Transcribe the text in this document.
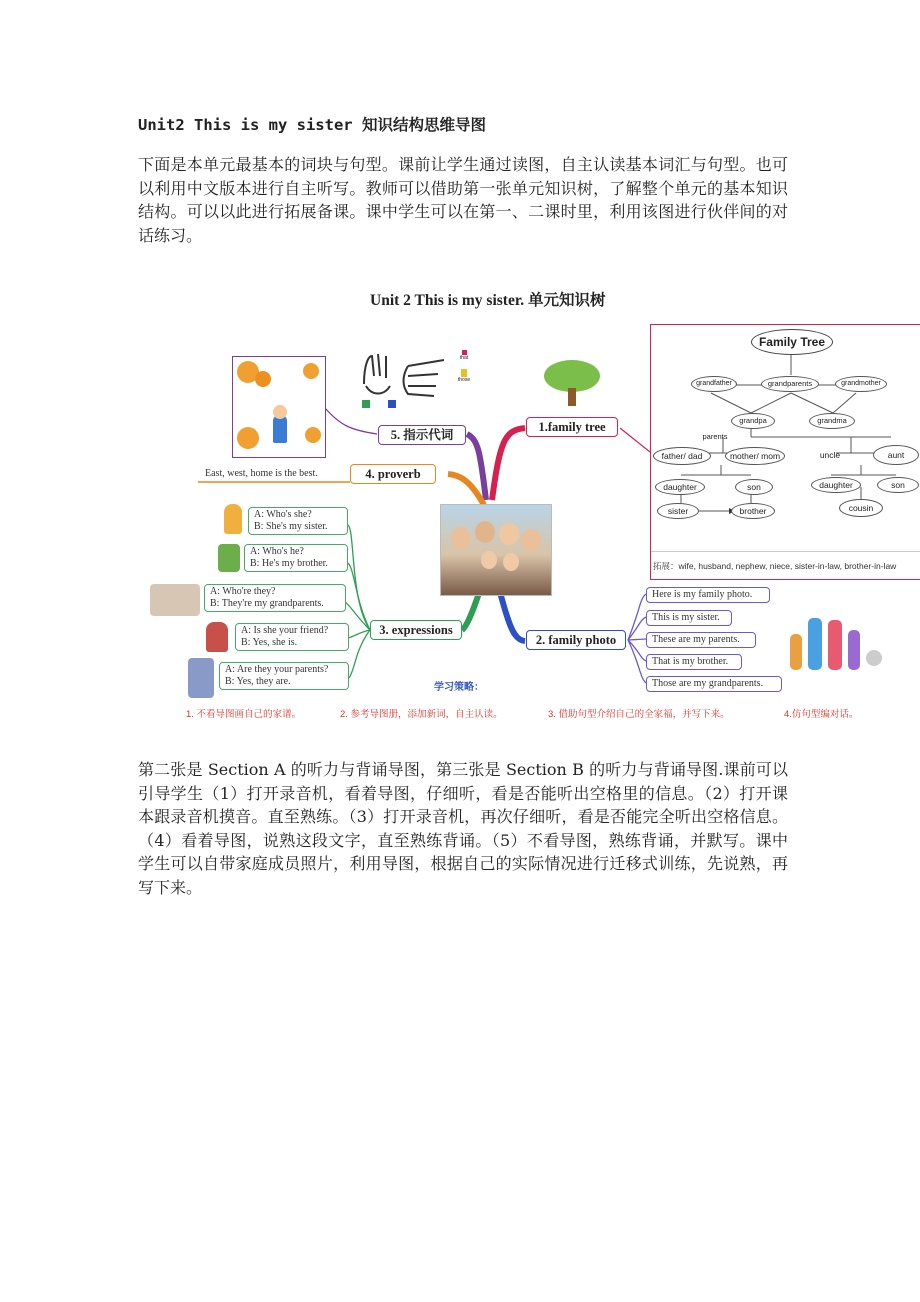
Unit2 This is my sister 知识结构思维导图
下面是本单元最基本的词块与句型。课前让学生通过读图，自主认读基本词汇与句型。也可以利用中文版本进行自主听写。教师可以借助第一张单元知识树，了解整个单元的基本知识结构。可以以此进行拓展备课。课中学生可以在第一、二课时里，利用该图进行伙伴间的对话练习。
Unit 2 This is my sister. 单元知识树
that
those
5. 指示代词
4. proverb
1.family tree
3. expressions
2. family photo
East, west, home is the best.
A: Who's she?
B: She's my sister.
A: Who's he?
B: He's my brother.
A: Who're they?
B: They're my grandparents.
A: Is she your friend?
B: Yes, she is.
A: Are they your parents?
B: Yes, they are.
Here is my family photo.
This is my sister.
These are my parents.
That is my brother.
Those are my grandparents.
Family Tree
grandfather	grandparents	grandmother
grandpa	grandma
parents
father/ dad	mother/ mom	uncle	aunt
daughter	son	daughter	son
sister	brother	cousin
拓展：wife, husband, nephew, niece, sister-in-law, brother-in-law
学习策略：
1. 不看导图画自己的家谱。	2. 参考导图册，添加新词，自主认读。	3. 借助句型介绍自己的全家福，并写下来。	4.仿句型编对话。
第二张是 Section A 的听力与背诵导图，第三张是 Section B 的听力与背诵导图.课前可以引导学生（1）打开录音机，看着导图，仔细听，看是否能听出空格里的信息。（2）打开课本跟录音机摸音。直至熟练。（3）打开录音机，再次仔细听，看是否能完全听出空格信息。（4）看着导图，说熟这段文字，直至熟练背诵。（5）不看导图，熟练背诵，并默写。课中学生可以自带家庭成员照片，利用导图，根据自己的实际情况进行迁移式训练，先说熟，再写下来。
